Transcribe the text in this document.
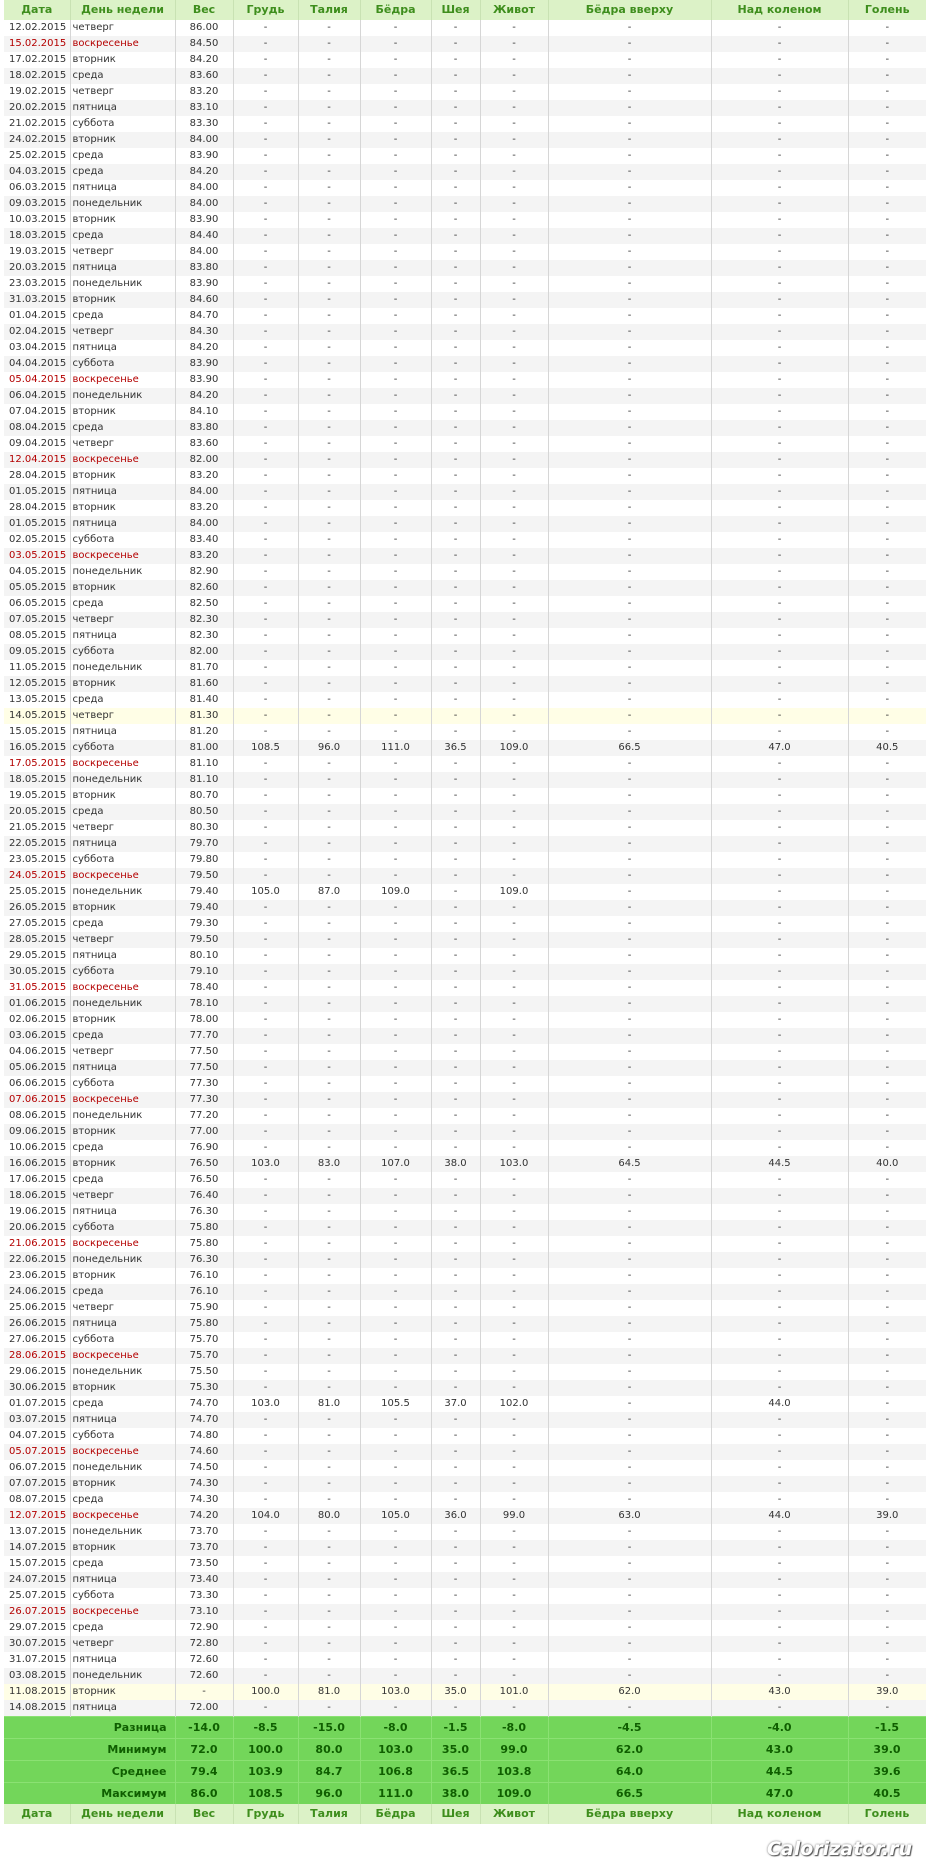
Дата	День недели	Вес	Грудь	Талия	Бёдра	Шея	Живот	Бёдра вверху	Над коленом	Голень
12.02.2015	четверг	86.00	-	-	-	-	-	-	-	-
15.02.2015	воскресенье	84.50	-	-	-	-	-	-	-	-
17.02.2015	вторник	84.20	-	-	-	-	-	-	-	-
18.02.2015	среда	83.60	-	-	-	-	-	-	-	-
19.02.2015	четверг	83.20	-	-	-	-	-	-	-	-
20.02.2015	пятница	83.10	-	-	-	-	-	-	-	-
21.02.2015	суббота	83.30	-	-	-	-	-	-	-	-
24.02.2015	вторник	84.00	-	-	-	-	-	-	-	-
25.02.2015	среда	83.90	-	-	-	-	-	-	-	-
04.03.2015	среда	84.20	-	-	-	-	-	-	-	-
06.03.2015	пятница	84.00	-	-	-	-	-	-	-	-
09.03.2015	понедельник	84.00	-	-	-	-	-	-	-	-
10.03.2015	вторник	83.90	-	-	-	-	-	-	-	-
18.03.2015	среда	84.40	-	-	-	-	-	-	-	-
19.03.2015	четверг	84.00	-	-	-	-	-	-	-	-
20.03.2015	пятница	83.80	-	-	-	-	-	-	-	-
23.03.2015	понедельник	83.90	-	-	-	-	-	-	-	-
31.03.2015	вторник	84.60	-	-	-	-	-	-	-	-
01.04.2015	среда	84.70	-	-	-	-	-	-	-	-
02.04.2015	четверг	84.30	-	-	-	-	-	-	-	-
03.04.2015	пятница	84.20	-	-	-	-	-	-	-	-
04.04.2015	суббота	83.90	-	-	-	-	-	-	-	-
05.04.2015	воскресенье	83.90	-	-	-	-	-	-	-	-
06.04.2015	понедельник	84.20	-	-	-	-	-	-	-	-
07.04.2015	вторник	84.10	-	-	-	-	-	-	-	-
08.04.2015	среда	83.80	-	-	-	-	-	-	-	-
09.04.2015	четверг	83.60	-	-	-	-	-	-	-	-
12.04.2015	воскресенье	82.00	-	-	-	-	-	-	-	-
28.04.2015	вторник	83.20	-	-	-	-	-	-	-	-
01.05.2015	пятница	84.00	-	-	-	-	-	-	-	-
28.04.2015	вторник	83.20	-	-	-	-	-	-	-	-
01.05.2015	пятница	84.00	-	-	-	-	-	-	-	-
02.05.2015	суббота	83.40	-	-	-	-	-	-	-	-
03.05.2015	воскресенье	83.20	-	-	-	-	-	-	-	-
04.05.2015	понедельник	82.90	-	-	-	-	-	-	-	-
05.05.2015	вторник	82.60	-	-	-	-	-	-	-	-
06.05.2015	среда	82.50	-	-	-	-	-	-	-	-
07.05.2015	четверг	82.30	-	-	-	-	-	-	-	-
08.05.2015	пятница	82.30	-	-	-	-	-	-	-	-
09.05.2015	суббота	82.00	-	-	-	-	-	-	-	-
11.05.2015	понедельник	81.70	-	-	-	-	-	-	-	-
12.05.2015	вторник	81.60	-	-	-	-	-	-	-	-
13.05.2015	среда	81.40	-	-	-	-	-	-	-	-
14.05.2015	четверг	81.30	-	-	-	-	-	-	-	-
15.05.2015	пятница	81.20	-	-	-	-	-	-	-	-
16.05.2015	суббота	81.00	108.5	96.0	111.0	36.5	109.0	66.5	47.0	40.5
17.05.2015	воскресенье	81.10	-	-	-	-	-	-	-	-
18.05.2015	понедельник	81.10	-	-	-	-	-	-	-	-
19.05.2015	вторник	80.70	-	-	-	-	-	-	-	-
20.05.2015	среда	80.50	-	-	-	-	-	-	-	-
21.05.2015	четверг	80.30	-	-	-	-	-	-	-	-
22.05.2015	пятница	79.70	-	-	-	-	-	-	-	-
23.05.2015	суббота	79.80	-	-	-	-	-	-	-	-
24.05.2015	воскресенье	79.50	-	-	-	-	-	-	-	-
25.05.2015	понедельник	79.40	105.0	87.0	109.0	-	109.0	-	-	-
26.05.2015	вторник	79.40	-	-	-	-	-	-	-	-
27.05.2015	среда	79.30	-	-	-	-	-	-	-	-
28.05.2015	четверг	79.50	-	-	-	-	-	-	-	-
29.05.2015	пятница	80.10	-	-	-	-	-	-	-	-
30.05.2015	суббота	79.10	-	-	-	-	-	-	-	-
31.05.2015	воскресенье	78.40	-	-	-	-	-	-	-	-
01.06.2015	понедельник	78.10	-	-	-	-	-	-	-	-
02.06.2015	вторник	78.00	-	-	-	-	-	-	-	-
03.06.2015	среда	77.70	-	-	-	-	-	-	-	-
04.06.2015	четверг	77.50	-	-	-	-	-	-	-	-
05.06.2015	пятница	77.50	-	-	-	-	-	-	-	-
06.06.2015	суббота	77.30	-	-	-	-	-	-	-	-
07.06.2015	воскресенье	77.30	-	-	-	-	-	-	-	-
08.06.2015	понедельник	77.20	-	-	-	-	-	-	-	-
09.06.2015	вторник	77.00	-	-	-	-	-	-	-	-
10.06.2015	среда	76.90	-	-	-	-	-	-	-	-
16.06.2015	вторник	76.50	103.0	83.0	107.0	38.0	103.0	64.5	44.5	40.0
17.06.2015	среда	76.50	-	-	-	-	-	-	-	-
18.06.2015	четверг	76.40	-	-	-	-	-	-	-	-
19.06.2015	пятница	76.30	-	-	-	-	-	-	-	-
20.06.2015	суббота	75.80	-	-	-	-	-	-	-	-
21.06.2015	воскресенье	75.80	-	-	-	-	-	-	-	-
22.06.2015	понедельник	76.30	-	-	-	-	-	-	-	-
23.06.2015	вторник	76.10	-	-	-	-	-	-	-	-
24.06.2015	среда	76.10	-	-	-	-	-	-	-	-
25.06.2015	четверг	75.90	-	-	-	-	-	-	-	-
26.06.2015	пятница	75.80	-	-	-	-	-	-	-	-
27.06.2015	суббота	75.70	-	-	-	-	-	-	-	-
28.06.2015	воскресенье	75.70	-	-	-	-	-	-	-	-
29.06.2015	понедельник	75.50	-	-	-	-	-	-	-	-
30.06.2015	вторник	75.30	-	-	-	-	-	-	-	-
01.07.2015	среда	74.70	103.0	81.0	105.5	37.0	102.0	-	44.0	-
03.07.2015	пятница	74.70	-	-	-	-	-	-	-	-
04.07.2015	суббота	74.80	-	-	-	-	-	-	-	-
05.07.2015	воскресенье	74.60	-	-	-	-	-	-	-	-
06.07.2015	понедельник	74.50	-	-	-	-	-	-	-	-
07.07.2015	вторник	74.30	-	-	-	-	-	-	-	-
08.07.2015	среда	74.30	-	-	-	-	-	-	-	-
12.07.2015	воскресенье	74.20	104.0	80.0	105.0	36.0	99.0	63.0	44.0	39.0
13.07.2015	понедельник	73.70	-	-	-	-	-	-	-	-
14.07.2015	вторник	73.70	-	-	-	-	-	-	-	-
15.07.2015	среда	73.50	-	-	-	-	-	-	-	-
24.07.2015	пятница	73.40	-	-	-	-	-	-	-	-
25.07.2015	суббота	73.30	-	-	-	-	-	-	-	-
26.07.2015	воскресенье	73.10	-	-	-	-	-	-	-	-
29.07.2015	среда	72.90	-	-	-	-	-	-	-	-
30.07.2015	четверг	72.80	-	-	-	-	-	-	-	-
31.07.2015	пятница	72.60	-	-	-	-	-	-	-	-
03.08.2015	понедельник	72.60	-	-	-	-	-	-	-	-
11.08.2015	вторник	-	100.0	81.0	103.0	35.0	101.0	62.0	43.0	39.0
14.08.2015	пятница	72.00	-	-	-	-	-	-	-	-
Разница		-14.0	-8.5	-15.0	-8.0	-1.5	-8.0	-4.5	-4.0	-1.5
Минимум		72.0	100.0	80.0	103.0	35.0	99.0	62.0	43.0	39.0
Среднее		79.4	103.9	84.7	106.8	36.5	103.8	64.0	44.5	39.6
Максимум		86.0	108.5	96.0	111.0	38.0	109.0	66.5	47.0	40.5
Дата	День недели	Вес	Грудь	Талия	Бёдра	Шея	Живот	Бёдра вверху	Над коленом	Голень
Calorizator.ru
